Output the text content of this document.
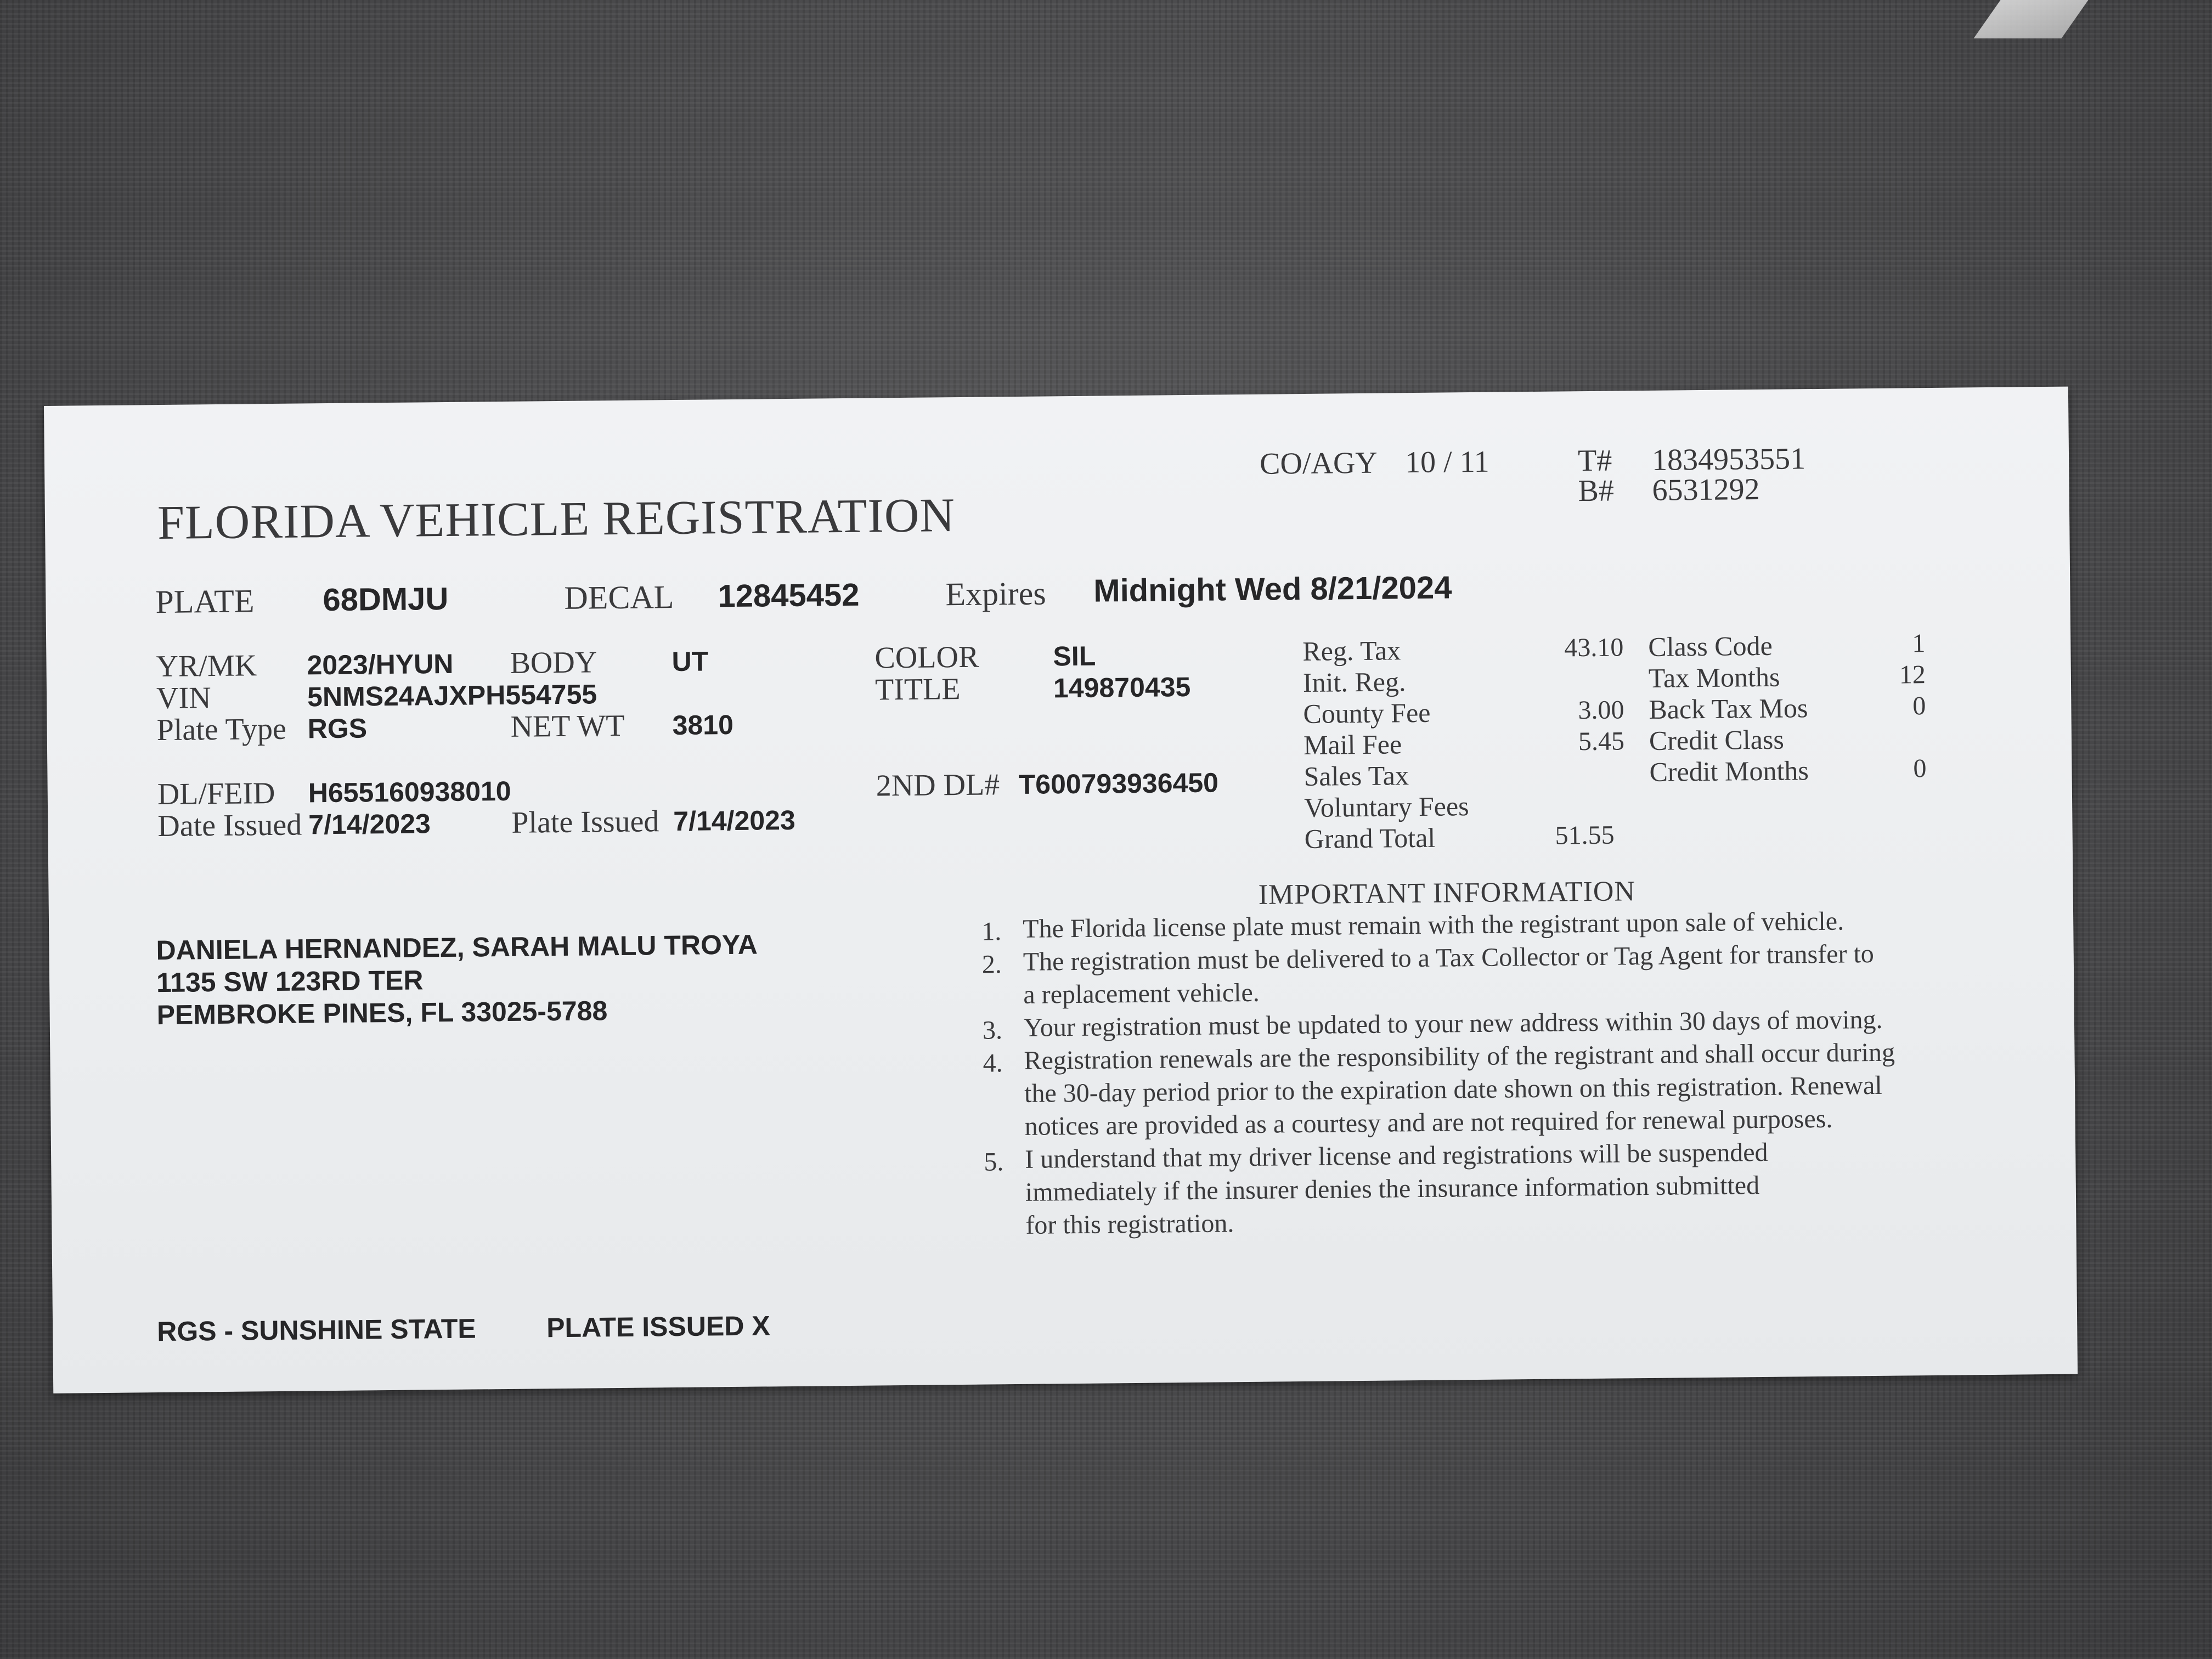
CO/AGY 10 / 11	T# 1834953551
B# 6531292
FLORIDA VEHICLE REGISTRATION
PLATE 68DMJU	DECAL 12845452	Expires Midnight Wed 8/21/2024
YR/MK 2023/HYUN BODY	UT	COLOR	SIL
VIN	5NMS24AJXPH554755	TITLE	149870435
Plate Type RGS	NET WT 3810
DL/FEID H655160938010	2ND DL# T600793936450
Date Issued 7/14/2023	Plate Issued 7/14/2023
Reg. Tax	43.10
Init. Reg.
County Fee	3.00
Mail Fee	5.45
Sales Tax
Voluntary Fees
Grand Total	51.55
Class Code	1
Tax Months	12
Back Tax Mos	0
Credit Class
Credit Months	0
DANIELA HERNANDEZ, SARAH MALU TROYA
1135 SW 123RD TER
PEMBROKE PINES, FL 33025-5788
IMPORTANT INFORMATION
1. The Florida license plate must remain with the registrant upon sale of vehicle.
2. The registration must be delivered to a Tax Collector or Tag Agent for transfer to
a replacement vehicle.
3. Your registration must be updated to your new address within 30 days of moving.
4. Registration renewals are the responsibility of the registrant and shall occur during
the 30-day period prior to the expiration date shown on this registration. Renewal
notices are provided as a courtesy and are not required for renewal purposes.
5. I understand that my driver license and registrations will be suspended
immediately if the insurer denies the insurance information submitted
for this registration.
RGS - SUNSHINE STATE	PLATE ISSUED X
